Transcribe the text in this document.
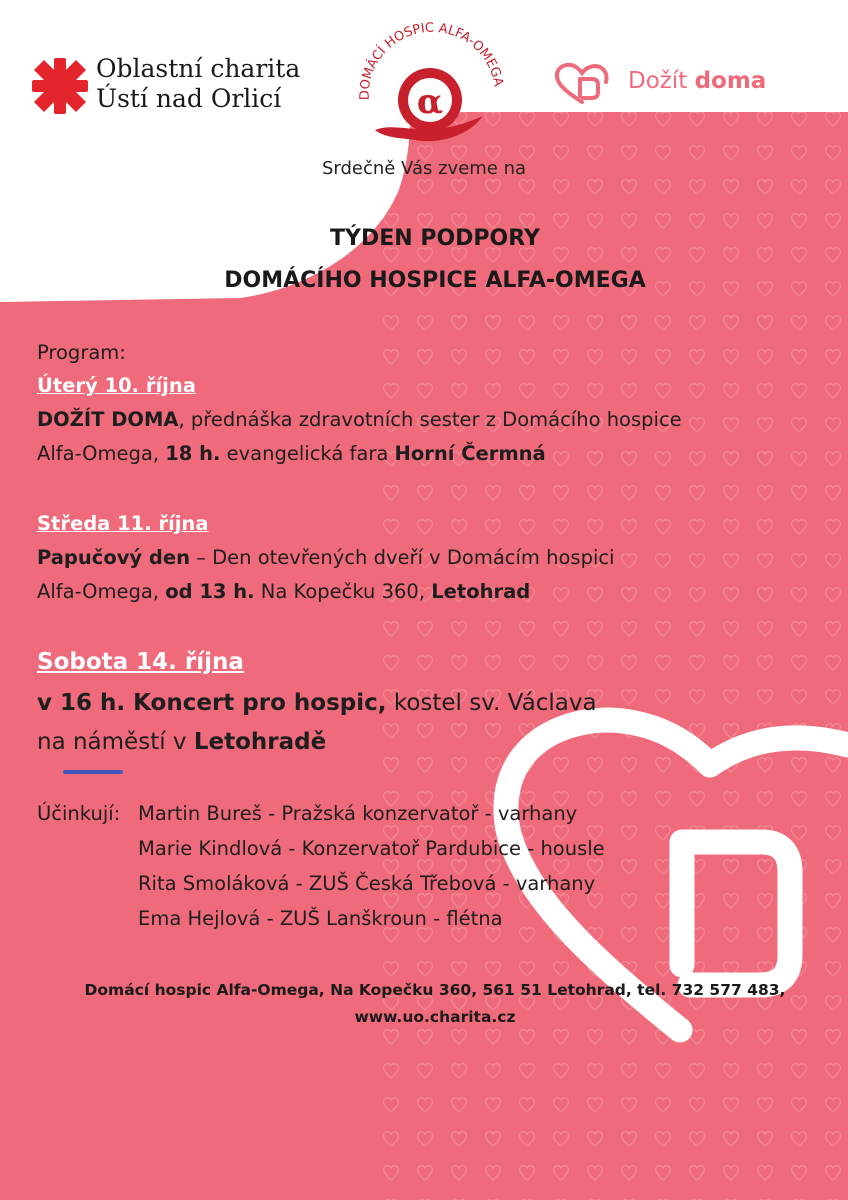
Oblastní charita
Ústí nad Orlicí	DOMÁCÍ HOSPIC ALFA-OMEGA
α
Dožít doma
Srdečně Vás zveme na
TÝDEN PODPORY
DOMÁCÍHO HOSPICE ALFA-OMEGA
Program:
Úterý 10. října
DOŽÍT DOMA, přednáška zdravotních sester z Domácího hospice
Alfa-Omega, 18 h. evangelická fara Horní Čermná
Středa 11. října
Papučový den – Den otevřených dveří v Domácím hospici
Alfa-Omega, od 13 h. Na Kopečku 360, Letohrad
Sobota 14. října
v 16 h. Koncert pro hospic, kostel sv. Václava
na náměstí v Letohradě
Účinkují: Martin Bureš - Pražská konzervatoř - varhany
Marie Kindlová - Konzervatoř Pardubice - housle
Rita Smoláková - ZUŠ Česká Třebová - varhany
Ema Hejlová - ZUŠ Lanškroun - flétna
Domácí hospic Alfa-Omega, Na Kopečku 360, 561 51 Letohrad, tel. 732 577 483,
www.uo.charita.cz
